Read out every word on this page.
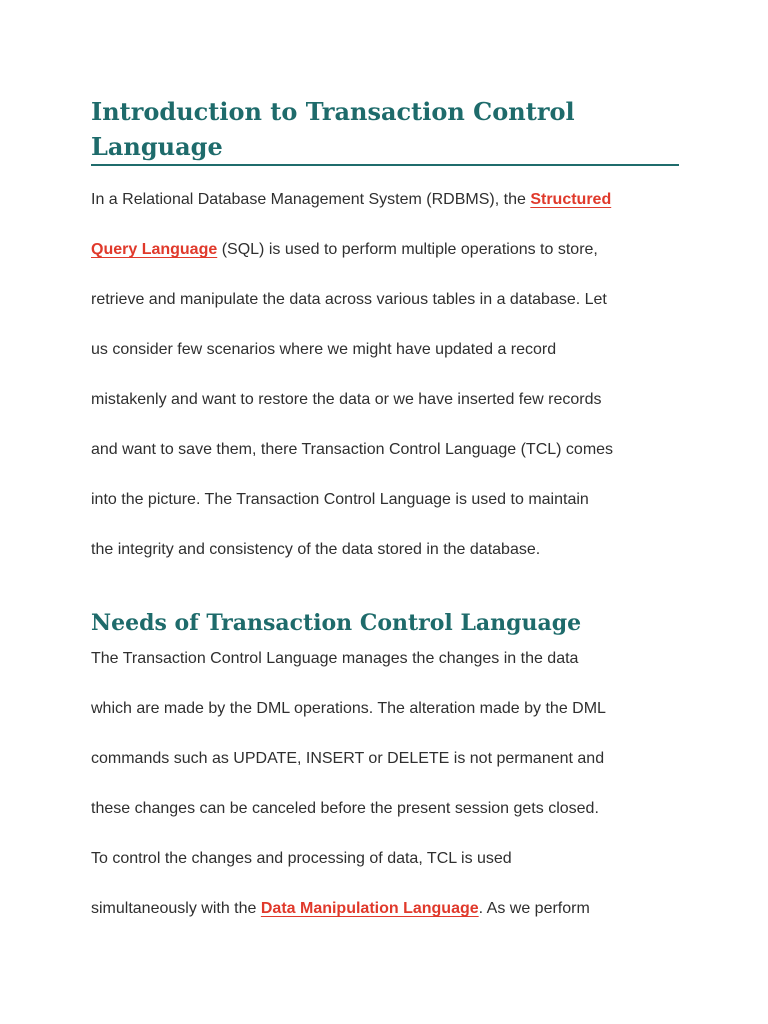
Introduction to Transaction Control Language

In a Relational Database Management System (RDBMS), the Structured

Query Language (SQL) is used to perform multiple operations to store,

retrieve and manipulate the data across various tables in a database. Let

us consider few scenarios where we might have updated a record

mistakenly and want to restore the data or we have inserted few records

and want to save them, there Transaction Control Language (TCL) comes

into the picture. The Transaction Control Language is used to maintain

the integrity and consistency of the data stored in the database.

Needs of Transaction Control Language

The Transaction Control Language manages the changes in the data

which are made by the DML operations. The alteration made by the DML

commands such as UPDATE, INSERT or DELETE is not permanent and

these changes can be canceled before the present session gets closed.

To control the changes and processing of data, TCL is used

simultaneously with the Data Manipulation Language. As we perform
